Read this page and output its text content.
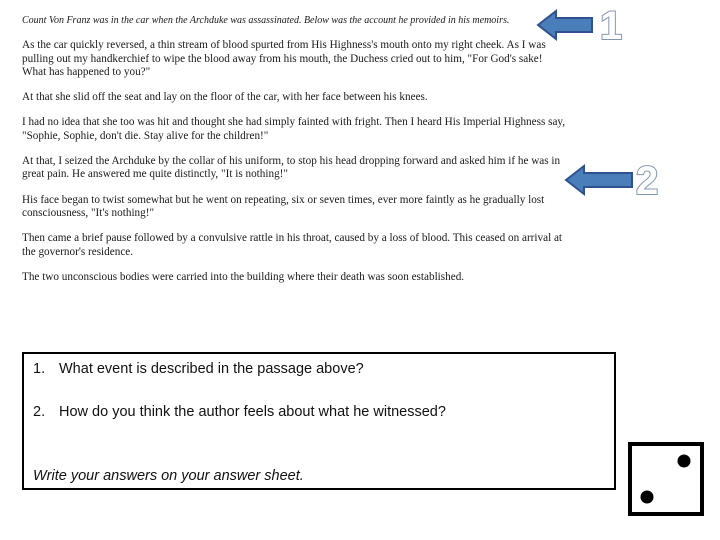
Count Von Franz was in the car when the Archduke was assassinated. Below was the account he provided in his memoirs.

As the car quickly reversed, a thin stream of blood spurted from His Highness's mouth onto my right cheek. As I was pulling out my handkerchief to wipe the blood away from his mouth, the Duchess cried out to him, "For God's sake! What has happened to you?"

At that she slid off the seat and lay on the floor of the car, with her face between his knees.

I had no idea that she too was hit and thought she had simply fainted with fright. Then I heard His Imperial Highness say, "Sophie, Sophie, don't die. Stay alive for the children!"

At that, I seized the Archduke by the collar of his uniform, to stop his head dropping forward and asked him if he was in great pain. He answered me quite distinctly, "It is nothing!"

His face began to twist somewhat but he went on repeating, six or seven times, ever more faintly as he gradually lost consciousness, "It's nothing!"

Then came a brief pause followed by a convulsive rattle in his throat, caused by a loss of blood. This ceased on arrival at the governor's residence.

The two unconscious bodies were carried into the building where their death was soon established.

1
2
1. What event is described in the passage above?
2. How do you think the author feels about what he witnessed?
Write your answers on your answer sheet.
